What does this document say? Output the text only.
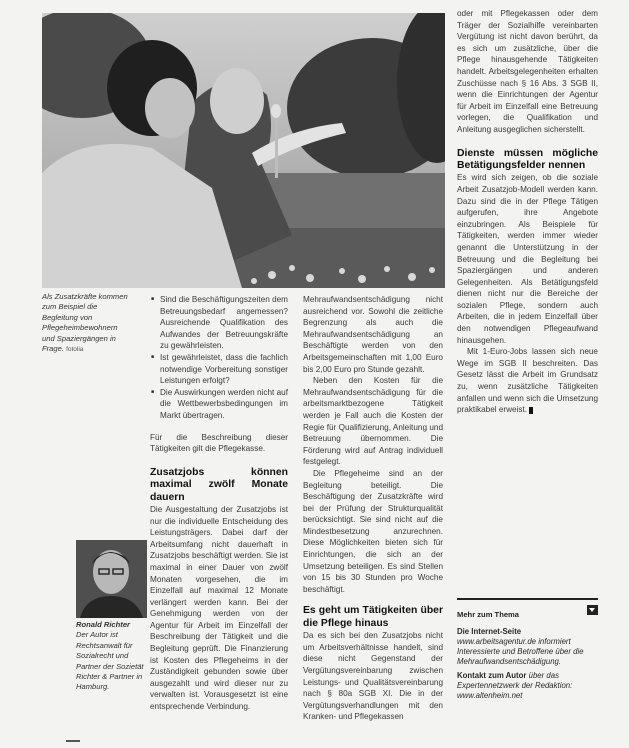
Als Zusatzkräfte kommen zum Beispiel die Begleitung von Pflegeheimbewohnern und Spaziergängen in Frage. fotolia
Ronald Richter
Der Autor ist Rechtsanwalt für Sozialrecht und Partner der Sozietät Richter & Partner in Hamburg.
■ Sind die Beschäftigungszeiten dem Betreuungsbedarf angemessen? Ausreichende Qualifikation des Aufwandes der Betreuungskräfte zu gewährleisten.
■ Ist gewährleistet, dass die fachlich notwendige Vorbereitung sonstiger Leistungen erfolgt?
■ Die Auswirkungen werden nicht auf die Wettbewerbsbedingungen im Markt übertragen.

Für die Beschreibung dieser Tätigkeiten gilt die Pflegekasse.

Zusatzjobs können maximal zwölf Monate dauern

Die Ausgestaltung der Zusatzjobs ist nur die individuelle Entscheidung des Leistungsträgers. Dabei darf der Arbeitsumfang nicht dauerhaft in Zusatzjobs beschäftigt werden. Sie ist maximal in einer Dauer von zwölf Monaten vorgesehen, die im Einzelfall auf maximal 12 Monate verlängert werden kann. Bei der Genehmigung werden von der Agentur für Arbeit im Einzelfall der Beschreibung der Tätigkeit und die Begleitung geprüft. Die Finanzierung ist Kosten des Pflegeheims in der Zuständigkeit gebunden sowie über ausgezahlt und wird dieser nur zu verwalten ist. Vorausgesetzt ist eine entsprechende Verbindung.

Mehraufwandsentschädigung nicht ausreichend vor. Sowohl die zeitliche Begrenzung als auch die Mehraufwandsentschädigung an Beschäftigte werden von den Arbeitsgemeinschaften mit 1,00 Euro bis 2,00 Euro pro Stunde gezahlt.

Neben den Kosten für die Mehraufwandsentschädigung für die arbeitsmarktbezogene Tätigkeit werden je Fall auch die Kosten der Regie für Qualifizierung, Anleitung und Betreuung übernommen. Die Förderung wird auf Antrag individuell festgelegt.

Die Pflegeheime sind an der Begleitung beteiligt. Die Beschäftigung der Zusatzkräfte wird bei der Prüfung der Strukturqualität berücksichtigt. Sie sind nicht auf die Mindestbesetzung anzurechnen. Diese Möglichkeiten bieten sich für Einrichtungen, die sich an der Umsetzung beteiligen. Es sind Stellen von 15 bis 30 Stunden pro Woche beschäftigt.

Es geht um Tätigkeiten über die Pflege hinaus

Da es sich bei den Zusatzjobs nicht um Arbeitsverhältnisse handelt, sind diese nicht Gegenstand der Vergütungsvereinbarung zwischen Leistungs- und Qualitätsvereinbarung nach § 80a SGB XI. Die in der Vergütungsverhandlungen mit den Kranken- und Pflegekassen

oder mit Pflegekassen oder dem Träger der Sozialhilfe vereinbarten Vergütung ist nicht davon berührt, da es sich um zusätzliche, über die Pflege hinausgehende Tätigkeiten handelt. Arbeitsgelegenheiten erhalten Zuschüsse nach § 16 Abs. 3 SGB II, wenn die Einrichtungen der Agentur für Arbeit im Einzelfall eine Betreuung vorlegen, die Qualifikation und Anleitung ausgeglichen sicherstellt.

Dienste müssen mögliche Betätigungsfelder nennen

Es wird sich zeigen, ob die soziale Arbeit Zusatzjob-Modell werden kann. Dazu sind die in der Pflege Tätigen aufgerufen, ihre Angebote einzubringen. Als Beispiele für Tätigkeiten, werden immer wieder genannt die Unterstützung in der Betreuung und die Begleitung bei Spaziergängen und anderen Gelegenheiten. Als Betätigungsfeld dienen nicht nur die Bereiche der sozialen Pflege, sondern auch Arbeiten, die in jedem Einzelfall über den notwendigen Pflegeaufwand hinausgehen.

Mit 1-Euro-Jobs lassen sich neue Wege im SGB II beschreiten. Das Gesetz lässt die Arbeit im Grundsatz zu, wenn zusätzliche Tätigkeiten anfallen und wenn sich die Umsetzung praktikabel erweist.

Mehr zum Thema
Die Internet-Seite www.arbeitsagentur.de informiert Interessierte und Betroffene über die Mehraufwandsentschädigung.
Kontakt zum Autor über das Expertennetzwerk der Redaktion: www.altenheim.net
